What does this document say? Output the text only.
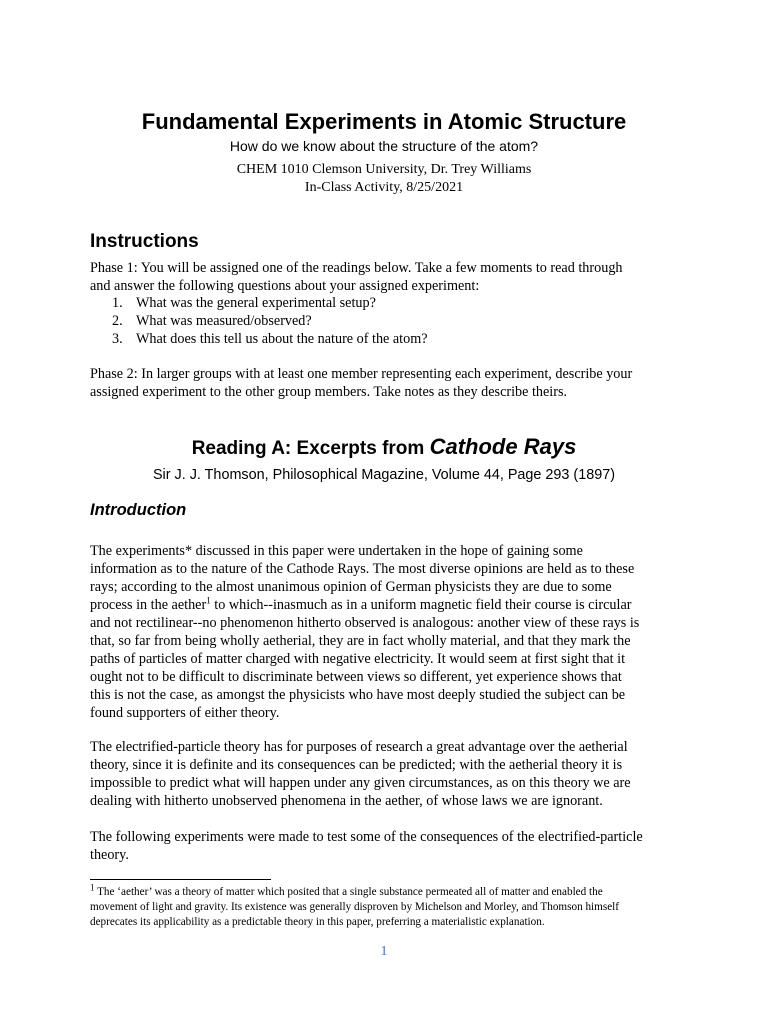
Fundamental Experiments in Atomic Structure
How do we know about the structure of the atom?
CHEM 1010 Clemson University, Dr. Trey Williams
In-Class Activity, 8/25/2021
Instructions

Phase 1: You will be assigned one of the readings below. Take a few moments to read through

and answer the following questions about your assigned experiment:

1. What was the general experimental setup?
2. What was measured/observed?
3. What does this tell us about the nature of the atom?

Phase 2: In larger groups with at least one member representing each experiment, describe your

assigned experiment to the other group members. Take notes as they describe theirs.

Reading A: Excerpts from Cathode Rays
Sir J. J. Thomson, Philosophical Magazine, Volume 44, Page 293 (1897)
Introduction
The experiments* discussed in this paper were undertaken in the hope of gaining some
information as to the nature of the Cathode Rays. The most diverse opinions are held as to these
rays; according to the almost unanimous opinion of German physicists they are due to some
process in the aether$^1$ to which--inasmuch as in a uniform magnetic field their course is circular
and not rectilinear--no phenomenon hitherto observed is analogous: another view of these rays is
that, so far from being wholly aetherial, they are in fact wholly material, and that they mark the
paths of particles of matter charged with negative electricity. It would seem at first sight that it
ought not to be difficult to discriminate between views so different, yet experience shows that
this is not the case, as amongst the physicists who have most deeply studied the subject can be
found supporters of either theory.
The electrified-particle theory has for purposes of research a great advantage over the aetherial
theory, since it is definite and its consequences can be predicted; with the aetherial theory it is
impossible to predict what will happen under any given circumstances, as on this theory we are
dealing with hitherto unobserved phenomena in the aether, of whose laws we are ignorant.
The following experiments were made to test some of the consequences of the electrified-particle
theory.
$^1$ The ‘aether’ was a theory of matter which posited that a single substance permeated all of matter and enabled the
movement of light and gravity. Its existence was generally disproven by Michelson and Morley, and Thomson himself
deprecates its applicability as a predictable theory in this paper, preferring a materialistic explanation.
1
